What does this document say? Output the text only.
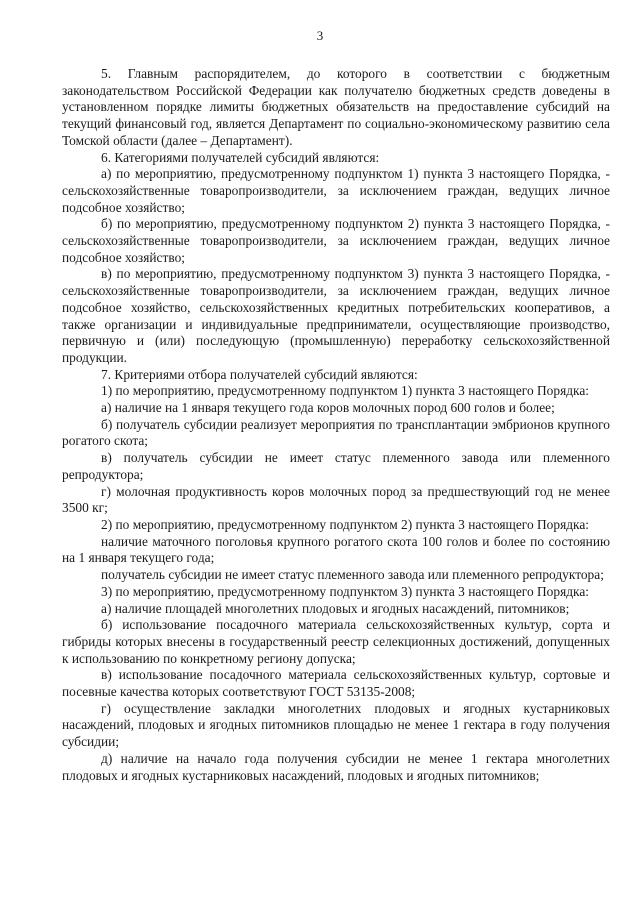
3

5. Главным распорядителем, до которого в соответствии с бюджетным законодательством Российской Федерации как получателю бюджетных средств доведены в установленном порядке лимиты бюджетных обязательств на предоставление субсидий на текущий финансовый год, является Департамент по социально-экономическому развитию села Томской области (далее – Департамент).

6. Категориями получателей субсидий являются:

а) по мероприятию, предусмотренному подпунктом 1) пункта 3 настоящего Порядка, - сельскохозяйственные товаропроизводители, за исключением граждан, ведущих личное подсобное хозяйство;

б) по мероприятию, предусмотренному подпунктом 2) пункта 3 настоящего Порядка, - сельскохозяйственные товаропроизводители, за исключением граждан, ведущих личное подсобное хозяйство;

в) по мероприятию, предусмотренному подпунктом 3) пункта 3 настоящего Порядка, - сельскохозяйственные товаропроизводители, за исключением граждан, ведущих личное подсобное хозяйство, сельскохозяйственных кредитных потребительских кооперативов, а также организации и индивидуальные предприниматели, осуществляющие производство, первичную и (или) последующую (промышленную) переработку сельскохозяйственной продукции.

7. Критериями отбора получателей субсидий являются:

1) по мероприятию, предусмотренному подпунктом 1) пункта 3 настоящего Порядка:

а) наличие на 1 января текущего года коров молочных пород 600 голов и более;

б) получатель субсидии реализует мероприятия по трансплантации эмбрионов крупного рогатого скота;

в) получатель субсидии не имеет статус племенного завода или племенного репродуктора;

г) молочная продуктивность коров молочных пород за предшествующий год не менее 3500 кг;

2) по мероприятию, предусмотренному подпунктом 2) пункта 3 настоящего Порядка:

наличие маточного поголовья крупного рогатого скота 100 голов и более по состоянию на 1 января текущего года;

получатель субсидии не имеет статус племенного завода или племенного репродуктора;

3) по мероприятию, предусмотренному подпунктом 3) пункта 3 настоящего Порядка:

а) наличие площадей многолетних плодовых и ягодных насаждений, питомников;

б) использование посадочного материала сельскохозяйственных культур, сорта и гибриды которых внесены в государственный реестр селекционных достижений, допущенных к использованию по конкретному региону допуска;

в) использование посадочного материала сельскохозяйственных культур, сортовые и посевные качества которых соответствуют ГОСТ 53135-2008;

г) осуществление закладки многолетних плодовых и ягодных кустарниковых насаждений, плодовых и ягодных питомников площадью не менее 1 гектара в году получения субсидии;

д) наличие на начало года получения субсидии не менее 1 гектара многолетних плодовых и ягодных кустарниковых насаждений, плодовых и ягодных питомников;
